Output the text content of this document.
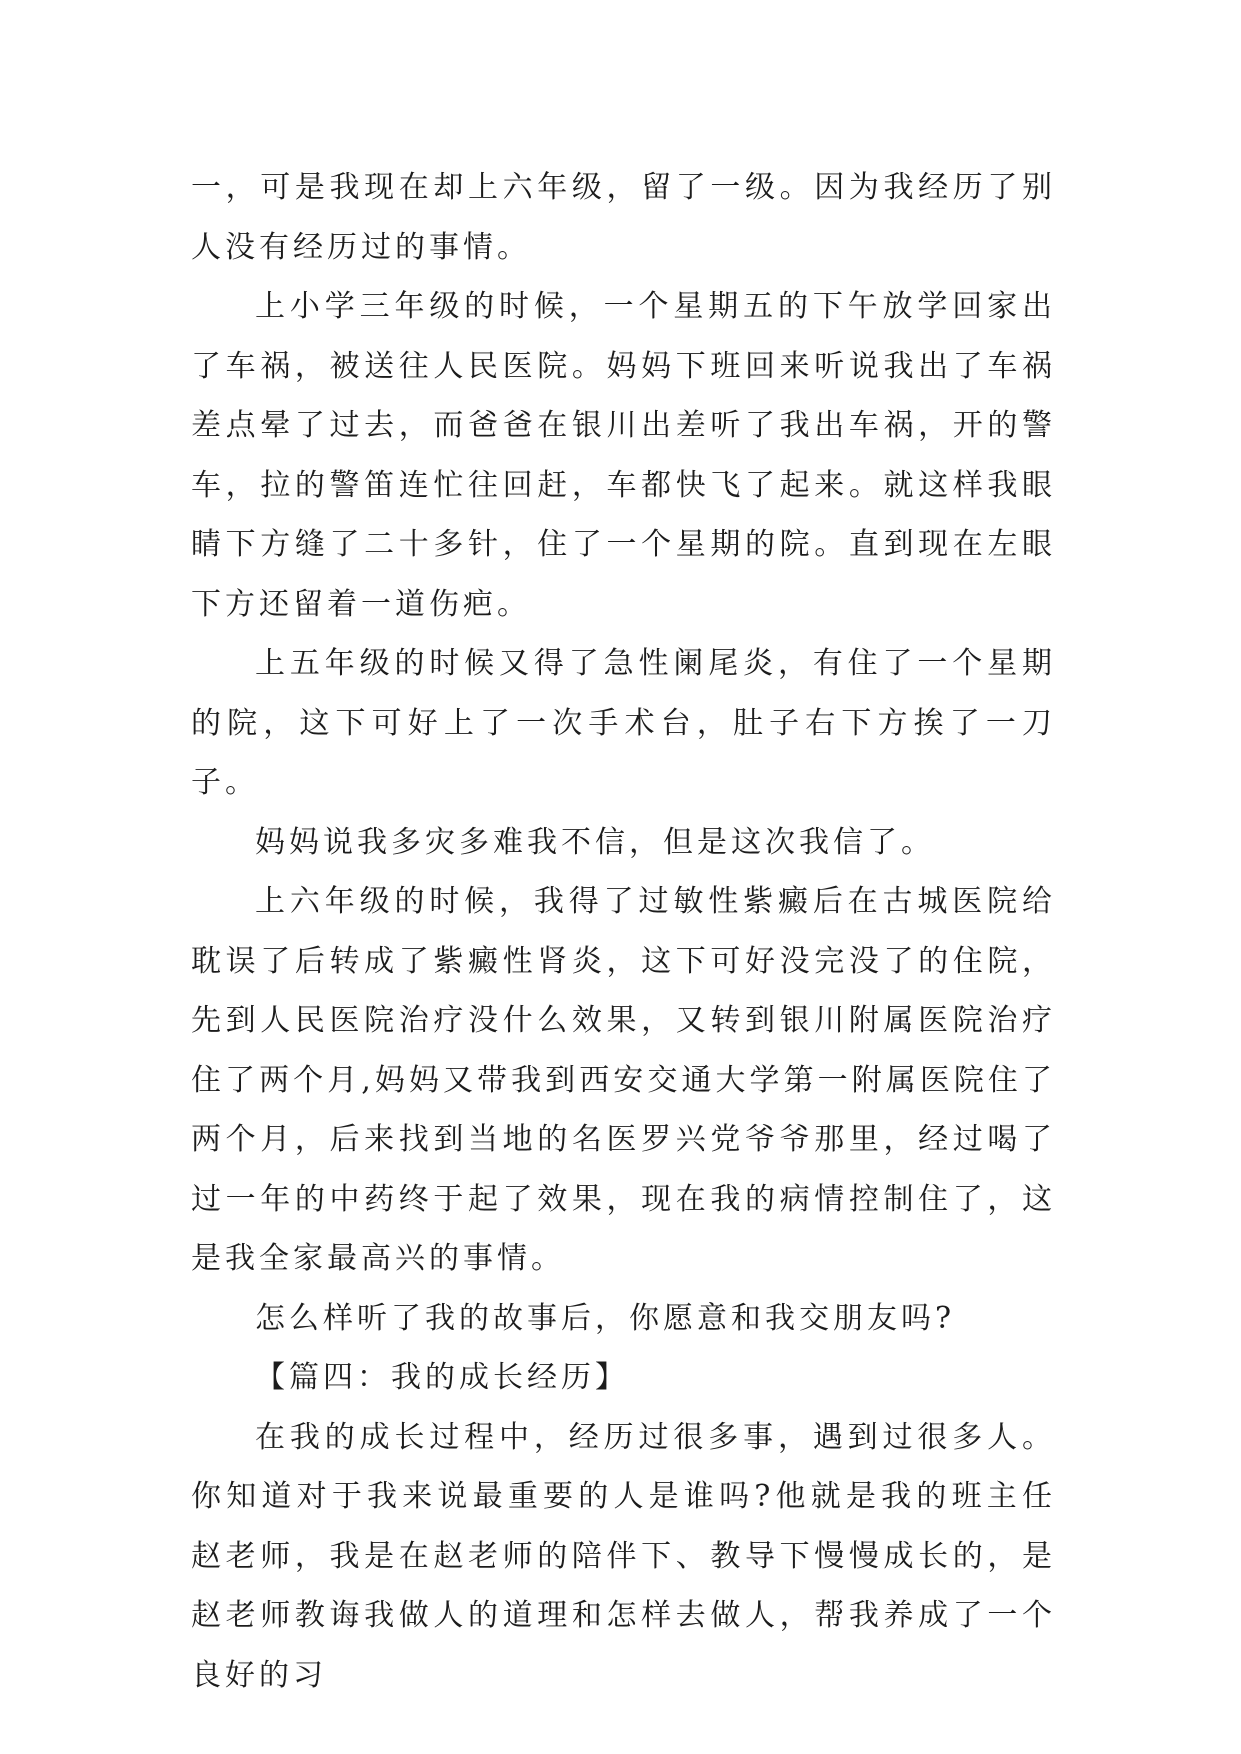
一，可是我现在却上六年级，留了一级。因为我经历了别人没有经历过的事情。

上小学三年级的时候，一个星期五的下午放学回家出了车祸，被送往人民医院。妈妈下班回来听说我出了车祸差点晕了过去，而爸爸在银川出差听了我出车祸，开的警车，拉的警笛连忙往回赶，车都快飞了起来。就这样我眼睛下方缝了二十多针，住了一个星期的院。直到现在左眼下方还留着一道伤疤。

上五年级的时候又得了急性阑尾炎，有住了一个星期的院，这下可好上了一次手术台，肚子右下方挨了一刀子。

妈妈说我多灾多难我不信，但是这次我信了。

上六年级的时候，我得了过敏性紫癜后在古城医院给耽误了后转成了紫癜性肾炎，这下可好没完没了的住院，先到人民医院治疗没什么效果，又转到银川附属医院治疗住了两个月,妈妈又带我到西安交通大学第一附属医院住了两个月，后来找到当地的名医罗兴党爷爷那里，经过喝了过一年的中药终于起了效果，现在我的病情控制住了，这是我全家最高兴的事情。

怎么样听了我的故事后，你愿意和我交朋友吗?

【篇四：我的成长经历】

在我的成长过程中，经历过很多事，遇到过很多人。你知道对于我来说最重要的人是谁吗?他就是我的班主任赵老师，我是在赵老师的陪伴下、教导下慢慢成长的，是赵老师教诲我做人的道理和怎样去做人，帮我养成了一个良好的习
